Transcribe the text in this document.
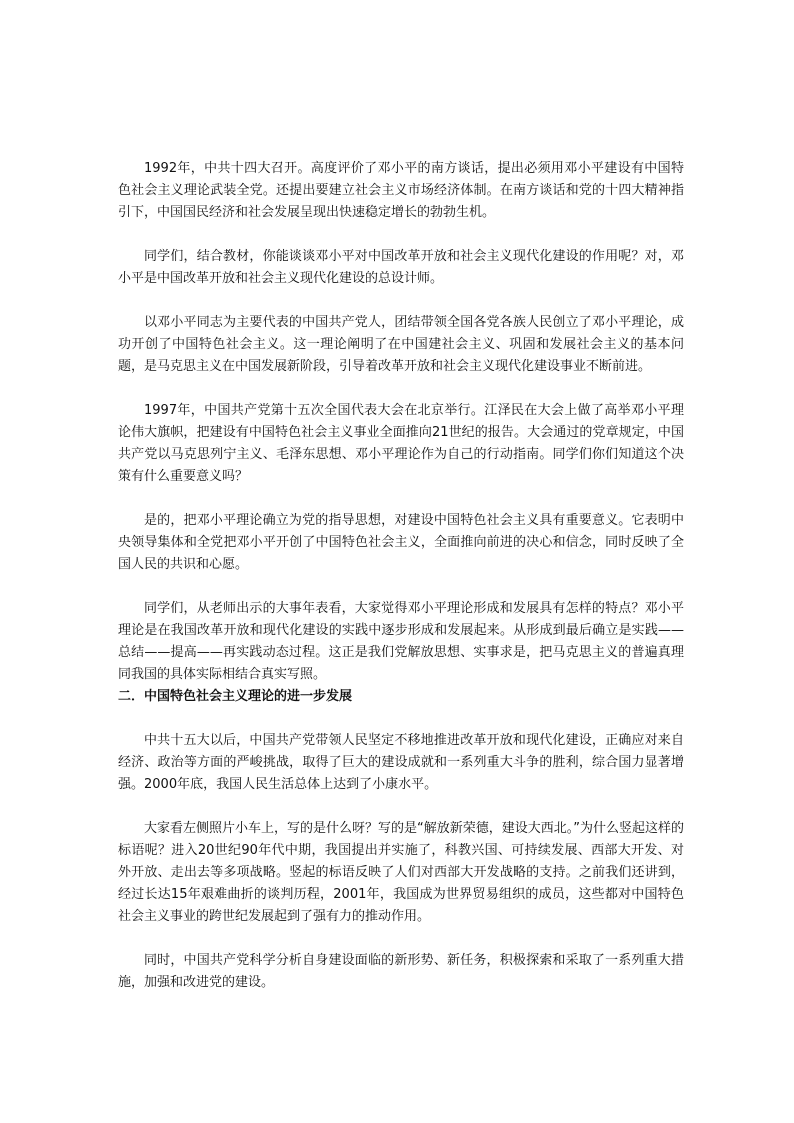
1992年，中共十四大召开。高度评价了邓小平的南方谈话，提出必须用邓小平建设有中国特色社会主义理论武装全党。还提出要建立社会主义市场经济体制。在南方谈话和党的十四大精神指引下，中国国民经济和社会发展呈现出快速稳定增长的勃勃生机。

同学们，结合教材，你能谈谈邓小平对中国改革开放和社会主义现代化建设的作用呢？对，邓小平是中国改革开放和社会主义现代化建设的总设计师。

以邓小平同志为主要代表的中国共产党人，团结带领全国各党各族人民创立了邓小平理论，成功开创了中国特色社会主义。这一理论阐明了在中国建社会主义、巩固和发展社会主义的基本问题，是马克思主义在中国发展新阶段，引导着改革开放和社会主义现代化建设事业不断前进。

1997年，中国共产党第十五次全国代表大会在北京举行。江泽民在大会上做了高举邓小平理论伟大旗帜，把建设有中国特色社会主义事业全面推向21世纪的报告。大会通过的党章规定，中国共产党以马克思列宁主义、毛泽东思想、邓小平理论作为自己的行动指南。同学们你们知道这个决策有什么重要意义吗？

是的，把邓小平理论确立为党的指导思想，对建设中国特色社会主义具有重要意义。它表明中央领导集体和全党把邓小平开创了中国特色社会主义，全面推向前进的决心和信念，同时反映了全国人民的共识和心愿。

同学们，从老师出示的大事年表看，大家觉得邓小平理论形成和发展具有怎样的特点？邓小平理论是在我国改革开放和现代化建设的实践中逐步形成和发展起来。从形成到最后确立是实践——总结——提高——再实践动态过程。这正是我们党解放思想、实事求是，把马克思主义的普遍真理同我国的具体实际相结合真实写照。

二．中国特色社会主义理论的进一步发展

中共十五大以后，中国共产党带领人民坚定不移地推进改革开放和现代化建设，正确应对来自经济、政治等方面的严峻挑战，取得了巨大的建设成就和一系列重大斗争的胜利，综合国力显著增强。2000年底，我国人民生活总体上达到了小康水平。

大家看左侧照片小车上，写的是什么呀？写的是“解放新荣德，建设大西北。”为什么竖起这样的标语呢？进入20世纪90年代中期，我国提出并实施了，科教兴国、可持续发展、西部大开发、对外开放、走出去等多项战略。竖起的标语反映了人们对西部大开发战略的支持。之前我们还讲到，经过长达15年艰难曲折的谈判历程，2001年，我国成为世界贸易组织的成员，这些都对中国特色社会主义事业的跨世纪发展起到了强有力的推动作用。

同时，中国共产党科学分析自身建设面临的新形势、新任务，积极探索和采取了一系列重大措施，加强和改进党的建设。
